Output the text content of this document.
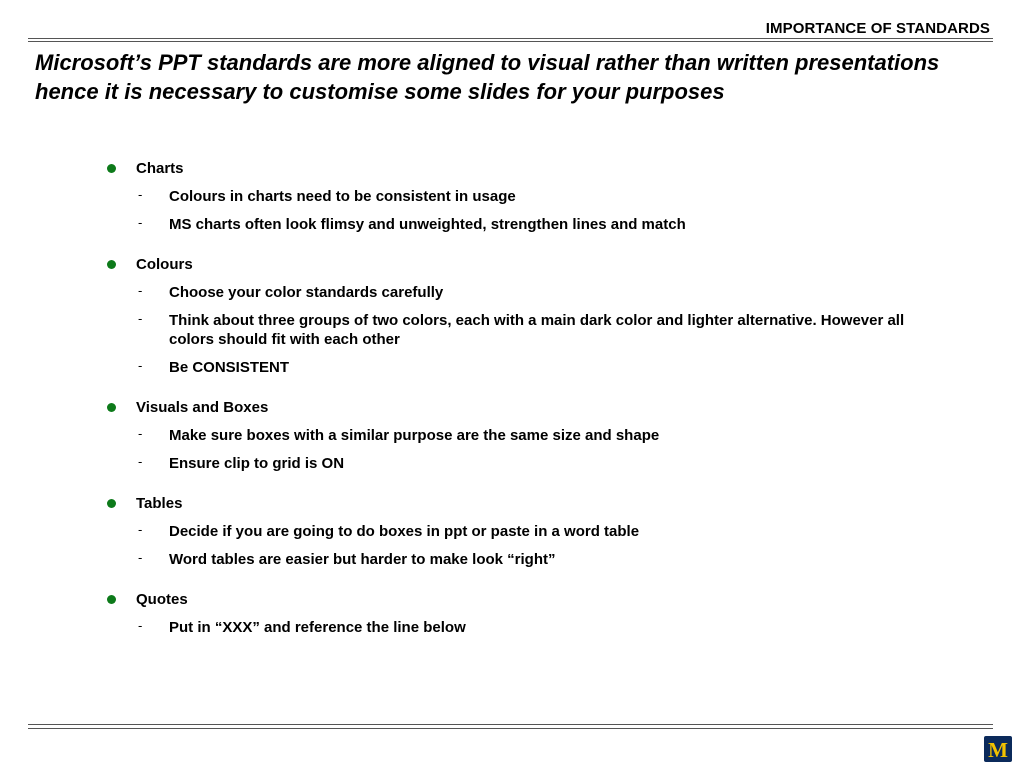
IMPORTANCE OF STANDARDS
Microsoft’s PPT standards are more aligned to visual rather than written presentations hence it is necessary to customise some slides for your purposes
Charts
-	Colours in charts need to be consistent in usage
-	MS charts often look flimsy and unweighted, strengthen lines and match
Colours
-	Choose your color standards carefully
-	Think about three groups of two colors, each with a main dark color and lighter alternative. However all colors should fit with each other
-	Be CONSISTENT
Visuals and Boxes
-	Make sure boxes with a similar purpose are the same size and shape
-	Ensure clip to grid is ON
Tables
-	Decide if you are going to do boxes in ppt or paste in a word table
-	Word tables are easier but harder to make look “right”
Quotes
-	Put in “XXX” and reference the line below
M
